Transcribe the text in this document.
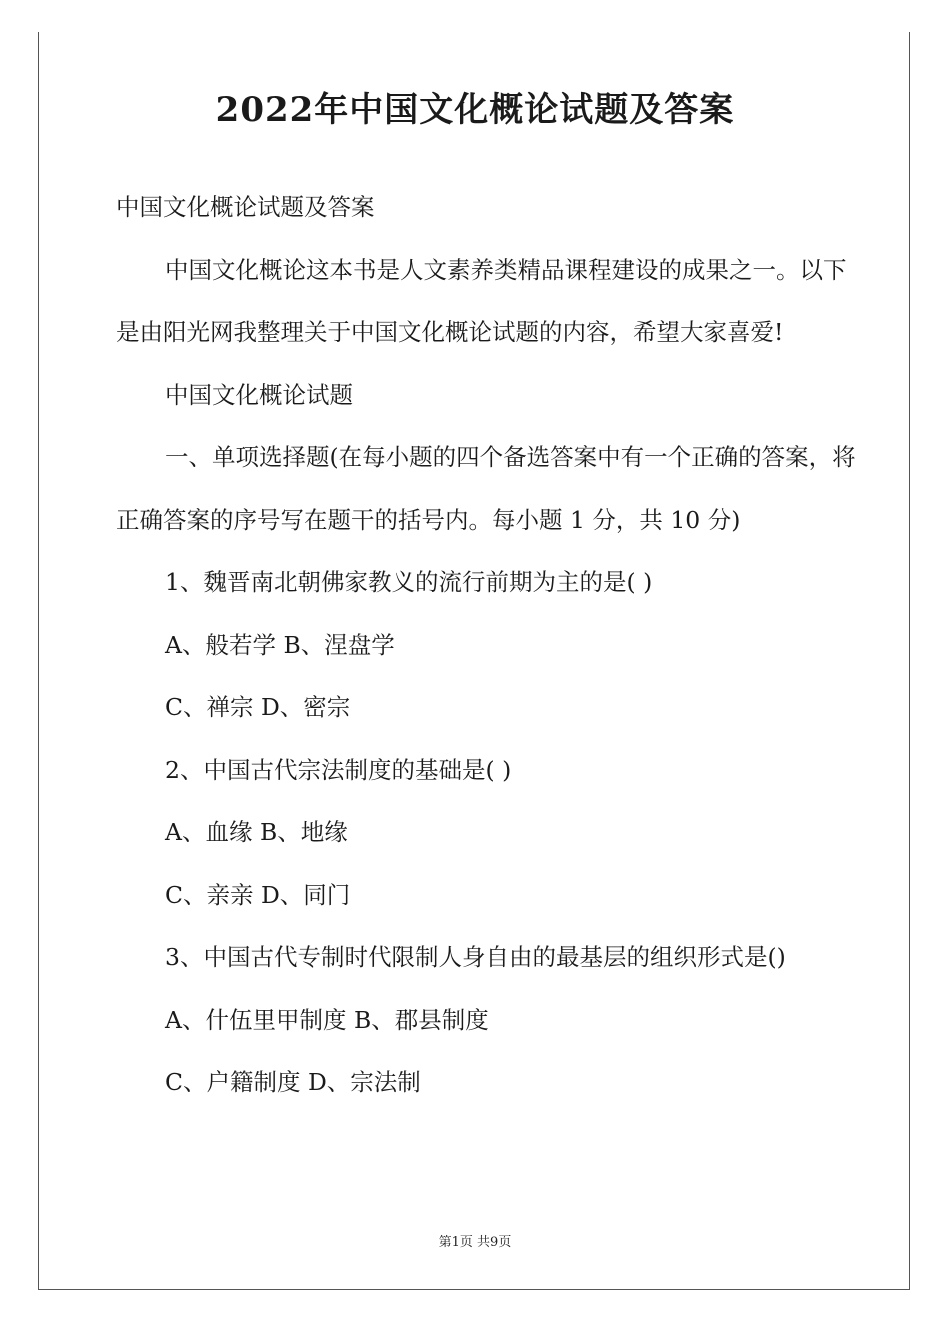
2022年中国文化概论试题及答案

中国文化概论试题及答案

中国文化概论这本书是人文素养类精品课程建设的成果之一。以下是由阳光网我整理关于中国文化概论试题的内容，希望大家喜爱!

中国文化概论试题

一、单项选择题(在每小题的四个备选答案中有一个正确的答案，将正确答案的序号写在题干的括号内。每小题 1 分，共 10 分)

1、魏晋南北朝佛家教义的流行前期为主的是( )

A、般若学 B、涅盘学

C、禅宗 D、密宗

2、中国古代宗法制度的基础是( )

A、血缘 B、地缘

C、亲亲 D、同门

3、中国古代专制时代限制人身自由的最基层的组织形式是()

A、什伍里甲制度 B、郡县制度

C、户籍制度 D、宗法制

第1页 共9页
